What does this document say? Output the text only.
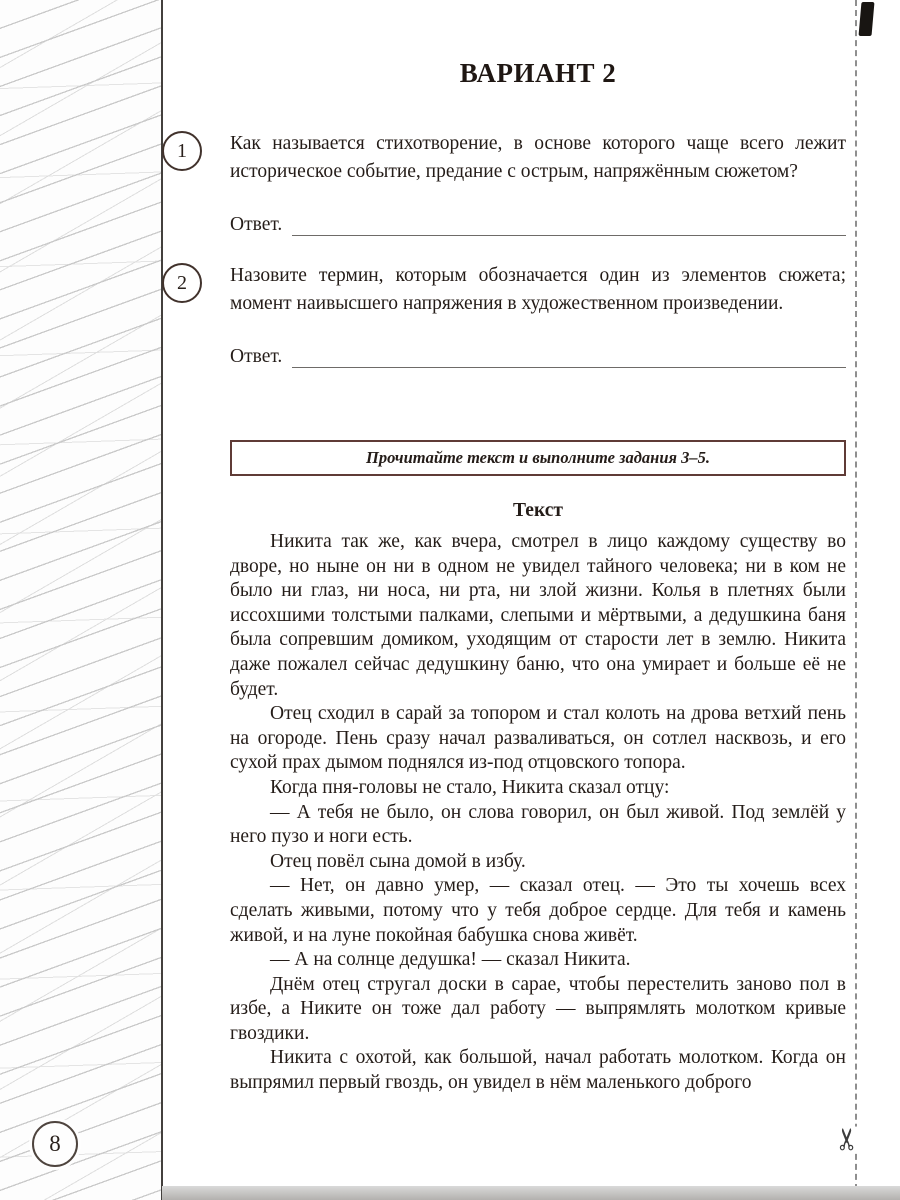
ВАРИАНТ 2
1 Как называется стихотворение, в основе которого чаще всего лежит историческое событие, предание с острым, напряжённым сюжетом?

Ответ.
2 Назовите термин, которым обозначается один из элементов сюжета; момент наивысшего напряжения в художественном произведении.

Ответ.

Прочитайте текст и выполните задания 3–5.

Текст

Никита так же, как вчера, смотрел в лицо каждому существу во дворе, но ныне он ни в одном не увидел тайного человека; ни в ком не было ни глаз, ни носа, ни рта, ни злой жизни. Колья в плетнях были иссохшими толстыми палками, слепыми и мёртвыми, а дедушкина баня была сопревшим домиком, уходящим от старости лет в землю. Никита даже пожалел сейчас дедушкину баню, что она умирает и больше её не будет.

Отец сходил в сарай за топором и стал колоть на дрова ветхий пень на огороде. Пень сразу начал разваливаться, он сотлел насквозь, и его сухой прах дымом поднялся из-под отцовского топора.

Когда пня-головы не стало, Никита сказал отцу:

— А тебя не было, он слова говорил, он был живой. Под землёй у него пузо и ноги есть.

Отец повёл сына домой в избу.

— Нет, он давно умер, — сказал отец. — Это ты хочешь всех сделать живыми, потому что у тебя доброе сердце. Для тебя и камень живой, и на луне покойная бабушка снова живёт.

— А на солнце дедушка! — сказал Никита.

Днём отец стругал доски в сарае, чтобы перестелить заново пол в избе, а Никите он тоже дал работу — выпрямлять молотком кривые гвоздики.

Никита с охотой, как большой, начал работать молотком. Когда он выпрямил первый гвоздь, он увидел в нём маленького доброго

8	✂
